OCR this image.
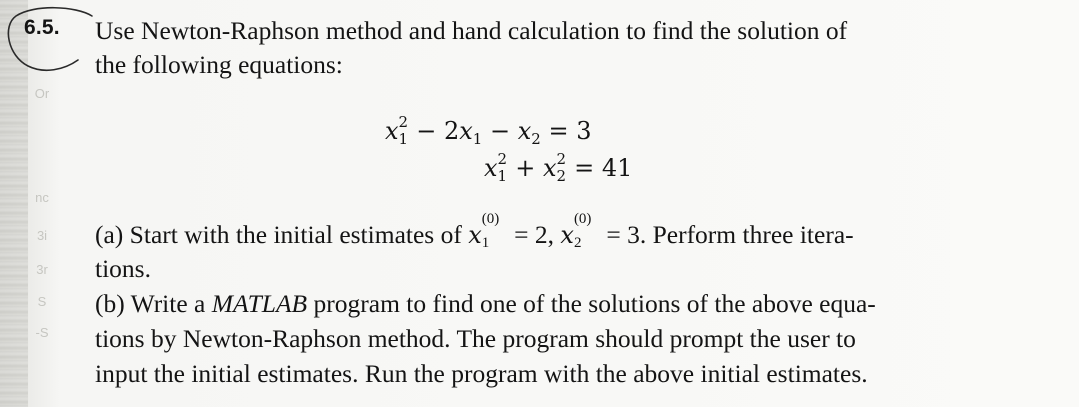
Or
nc
3i
3r
S
-S
6.5. Use Newton-Raphson method and hand calculation to find the solution of
the following equations:
x 2
1 − 2x1 − x2 = 3
x 2
1 + x 2
2 = 41
(a) Start with the initial estimates of x
(0)
1 = 2, x
(0)
2 = 3. Perform three itera-
tions.
(b) Write a MATLAB program to find one of the solutions of the above equa-
tions by Newton-Raphson method. The program should prompt the user to
input the initial estimates. Run the program with the above initial estimates.
